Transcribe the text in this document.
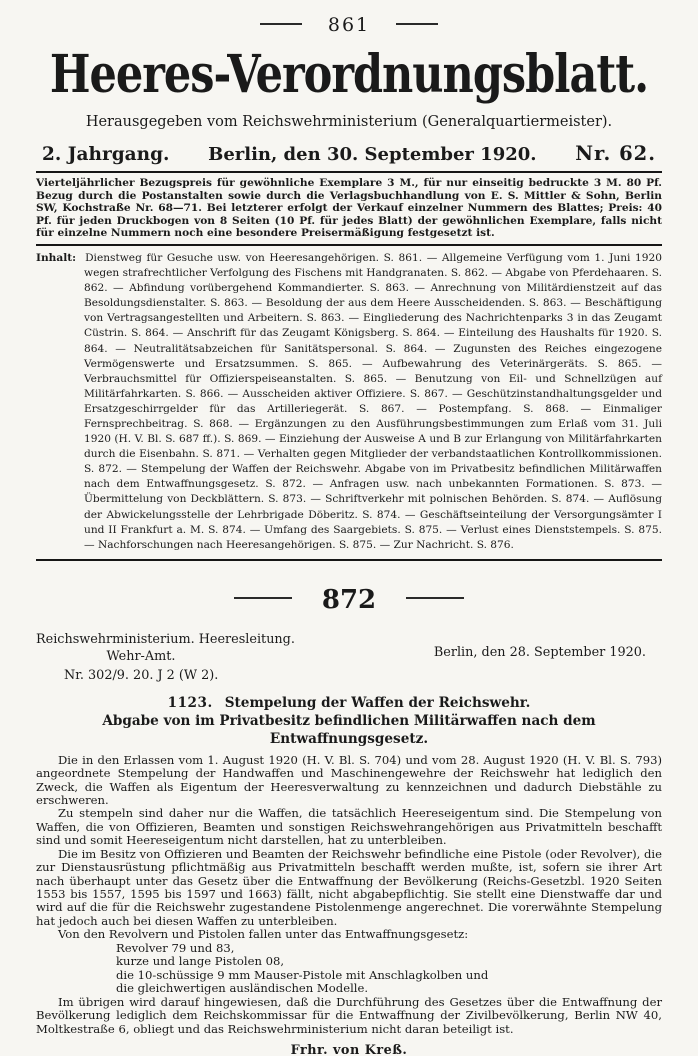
861
Heeres-Verordnungsblatt.
Herausgegeben vom Reichswehrministerium (Generalquartiermeister).
2. Jahrgang. Berlin, den 30. September 1920. Nr. 62.

Vierteljährlicher Bezugspreis für gewöhnliche Exemplare 3 M., für nur einseitig bedruckte 3 M. 80 Pf. Bezug durch die Postanstalten sowie durch die Verlagsbuchhandlung von E. S. Mittler & Sohn, Berlin SW, Kochstraße Nr. 68—71. Bei letzterer erfolgt der Verkauf einzelner Nummern des Blattes; Preis: 40 Pf. für jeden Druckbogen von 8 Seiten (10 Pf. für jedes Blatt) der gewöhnlichen Exemplare, falls nicht für einzelne Nummern noch eine besondere Preisermäßigung festgesetzt ist.

Inhalt: Dienstweg für Gesuche usw. von Heeresangehörigen. S. 861. — Allgemeine Verfügung vom 1. Juni 1920 wegen strafrechtlicher Verfolgung des Fischens mit Handgranaten. S. 862. — Abgabe von Pferdehaaren. S. 862. — Abfindung vorübergehend Kommandierter. S. 863. — Anrechnung von Militärdienstzeit auf das Besoldungsdienstalter. S. 863. — Besoldung der aus dem Heere Ausscheidenden. S. 863. — Beschäftigung von Vertragsangestellten und Arbeitern. S. 863. — Eingliederung des Nachrichtenparks 3 in das Zeugamt Cüstrin. S. 864. — Anschrift für das Zeugamt Königsberg. S. 864. — Einteilung des Haushalts für 1920. S. 864. — Neutralitätsabzeichen für Sanitätspersonal. S. 864. — Zugunsten des Reiches eingezogene Vermögenswerte und Ersatzsummen. S. 865. — Aufbewahrung des Veterinärgeräts. S. 865. — Verbrauchsmittel für Offizierspeiseanstalten. S. 865. — Benutzung von Eil- und Schnellzügen auf Militärfahrkarten. S. 866. — Ausscheiden aktiver Offiziere. S. 867. — Geschützinstandhaltungsgelder und Ersatzgeschirrgelder für das Artilleriegerät. S. 867. — Postempfang. S. 868. — Einmaliger Fernsprechbeitrag. S. 868. — Ergänzungen zu den Ausführungsbestimmungen zum Erlaß vom 31. Juli 1920 (H. V. Bl. S. 687 ff.). S. 869. — Einziehung der Ausweise A und B zur Erlangung von Militärfahrkarten durch die Eisenbahn. S. 871. — Verhalten gegen Mitglieder der verbandstaatlichen Kontrollkommissionen. S. 872. — Stempelung der Waffen der Reichswehr. Abgabe von im Privatbesitz befindlichen Militärwaffen nach dem Entwaffnungsgesetz. S. 872. — Anfragen usw. nach unbekannten Formationen. S. 873. — Übermittelung von Deckblättern. S. 873. — Schriftverkehr mit polnischen Behörden. S. 874. — Auflösung der Abwickelungsstelle der Lehrbrigade Döberitz. S. 874. — Geschäftseinteilung der Versorgungsämter I und II Frankfurt a. M. S. 874. — Umfang des Saargebiets. S. 875. — Verlust eines Dienststempels. S. 875. — Nachforschungen nach Heeresangehörigen. S. 875. — Zur Nachricht. S. 876.
872
Reichswehrministerium. Heeresleitung.
Wehr-Amt.
Nr. 302/9. 20. J 2 (W 2).
Berlin, den 28. September 1920.
1123. Stempelung der Waffen der Reichswehr.
Abgabe von im Privatbesitz befindlichen Militärwaffen nach dem Entwaffnungsgesetz.

Die in den Erlassen vom 1. August 1920 (H. V. Bl. S. 704) und vom 28. August 1920 (H. V. Bl. S. 793) angeordnete Stempelung der Handwaffen und Maschinengewehre der Reichswehr hat lediglich den Zweck, die Waffen als Eigentum der Heeresverwaltung zu kennzeichnen und dadurch Diebstähle zu erschweren.

Zu stempeln sind daher nur die Waffen, die tatsächlich Heereseigentum sind. Die Stempelung von Waffen, die von Offizieren, Beamten und sonstigen Reichswehrangehörigen aus Privatmitteln beschafft sind und somit Heereseigentum nicht darstellen, hat zu unterbleiben.

Die im Besitz von Offizieren und Beamten der Reichswehr befindliche eine Pistole (oder Revolver), die zur Dienstausrüstung pflichtmäßig aus Privatmitteln beschafft werden mußte, ist, sofern sie ihrer Art nach überhaupt unter das Gesetz über die Entwaffnung der Bevölkerung (Reichs-Gesetzbl. 1920 Seiten 1553 bis 1557, 1595 bis 1597 und 1663) fällt, nicht abgabepflichtig. Sie stellt eine Dienstwaffe dar und wird auf die für die Reichswehr zugestandene Pistolenmenge angerechnet. Die vorerwähnte Stempelung hat jedoch auch bei diesen Waffen zu unterbleiben.

Von den Revolvern und Pistolen fallen unter das Entwaffnungsgesetz:

Revolver 79 und 83,
kurze und lange Pistolen 08,
die 10-schüssige 9 mm Mauser-Pistole mit Anschlagkolben und
die gleichwertigen ausländischen Modelle.

Im übrigen wird darauf hingewiesen, daß die Durchführung des Gesetzes über die Entwaffnung der Bevölkerung lediglich dem Reichskommissar für die Entwaffnung der Zivilbevölkerung, Berlin NW 40, Moltkestraße 6, obliegt und das Reichswehrministerium nicht daran beteiligt ist.

Frhr. von Kreß.
